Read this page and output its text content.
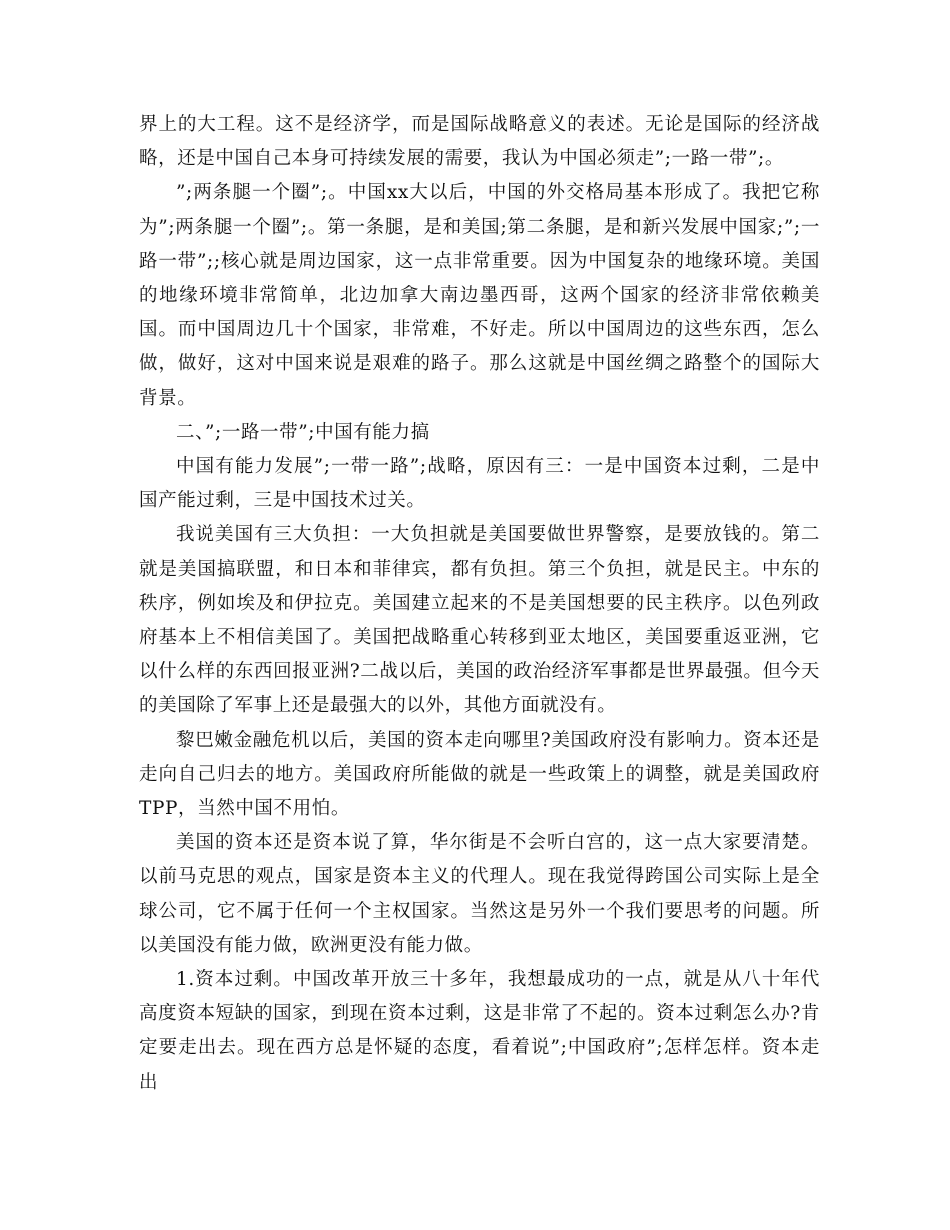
界上的大工程。这不是经济学，而是国际战略意义的表述。无论是国际的经济战略，还是中国自己本身可持续发展的需要，我认为中国必须走”;一路一带”;。

”;两条腿一个圈”;。中国xx大以后，中国的外交格局基本形成了。我把它称为”;两条腿一个圈”;。第一条腿，是和美国;第二条腿，是和新兴发展中国家;”;一路一带”;;核心就是周边国家，这一点非常重要。因为中国复杂的地缘环境。美国的地缘环境非常简单，北边加拿大南边墨西哥，这两个国家的经济非常依赖美国。而中国周边几十个国家，非常难，不好走。所以中国周边的这些东西，怎么做，做好，这对中国来说是艰难的路子。那么这就是中国丝绸之路整个的国际大背景。

二、”;一路一带”;中国有能力搞

中国有能力发展”;一带一路”;战略，原因有三：一是中国资本过剩，二是中国产能过剩，三是中国技术过关。

我说美国有三大负担：一大负担就是美国要做世界警察，是要放钱的。第二就是美国搞联盟，和日本和菲律宾，都有负担。第三个负担，就是民主。中东的秩序，例如埃及和伊拉克。美国建立起来的不是美国想要的民主秩序。以色列政府基本上不相信美国了。美国把战略重心转移到亚太地区，美国要重返亚洲，它以什么样的东西回报亚洲?二战以后，美国的政治经济军事都是世界最强。但今天的美国除了军事上还是最强大的以外，其他方面就没有。

黎巴嫩金融危机以后，美国的资本走向哪里?美国政府没有影响力。资本还是走向自己归去的地方。美国政府所能做的就是一些政策上的调整，就是美国政府TPP，当然中国不用怕。

美国的资本还是资本说了算，华尔街是不会听白宫的，这一点大家要清楚。以前马克思的观点，国家是资本主义的代理人。现在我觉得跨国公司实际上是全球公司，它不属于任何一个主权国家。当然这是另外一个我们要思考的问题。所以美国没有能力做，欧洲更没有能力做。

1.资本过剩。中国改革开放三十多年，我想最成功的一点，就是从八十年代高度资本短缺的国家，到现在资本过剩，这是非常了不起的。资本过剩怎么办?肯定要走出去。现在西方总是怀疑的态度，看着说”;中国政府”;怎样怎样。资本走出
